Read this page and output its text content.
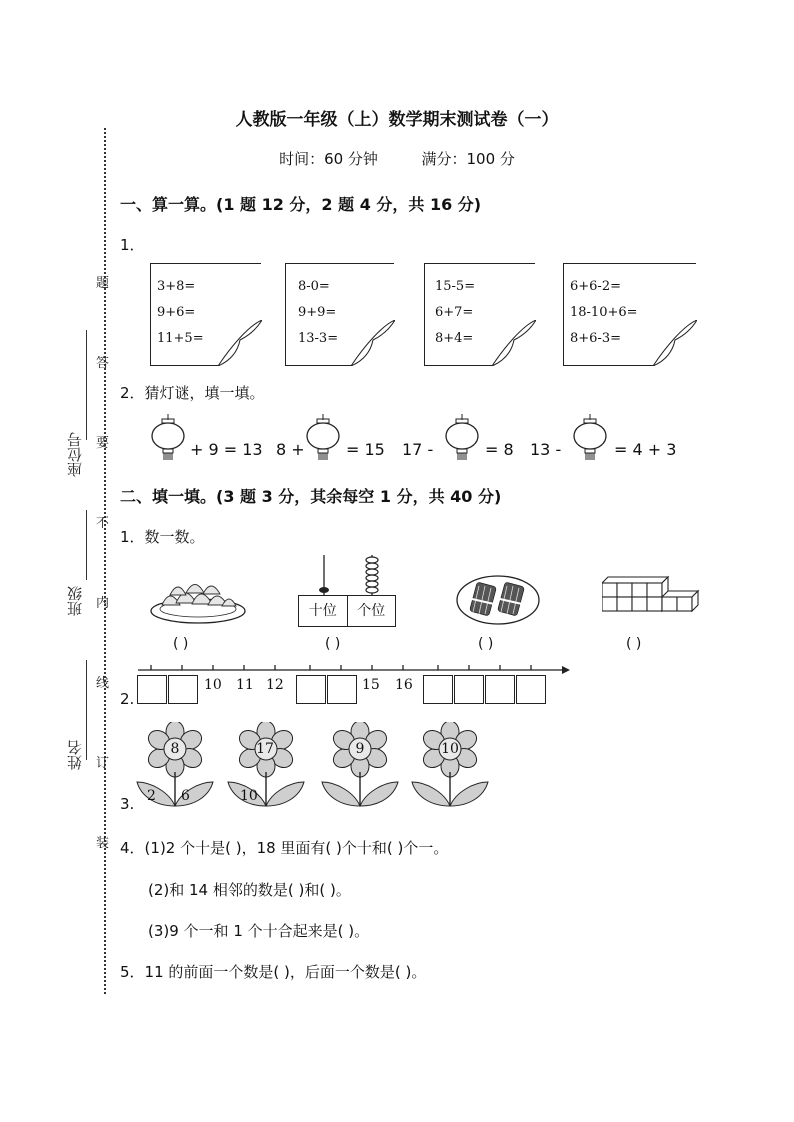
题
答
要
不
内
线
订
装
座位号
班级
姓名
人教版一年级（上）数学期末测试卷（一）
时间：60 分钟	满分：100 分
一、算一算。(1 题 12 分，2 题 4 分，共 16 分)
1．
3+8=
9+6=
11+5=
8-0=
9+9=
13-3=
15-5=
6+7=
8+4=
6+6-2=
18-10+6=
8+6-3=
2．猜灯谜，填一填。
+ 9 = 13 8 +	= 15 17 -	= 8 13 -	= 4 + 3
二、填一填。(3 题 3 分，其余每空 1 分，共 40 分)
1．数一数。
( )
十位	个位
( )	( )	( )
2.
10 11 12	15 16
3.
8
2 6
17
10
9	10
4．(1)2 个十是( )，18 里面有( )个十和( )个一。
(2)和 14 相邻的数是( )和( )。
(3)9 个一和 1 个十合起来是( )。
5．11 的前面一个数是( )，后面一个数是( )。
